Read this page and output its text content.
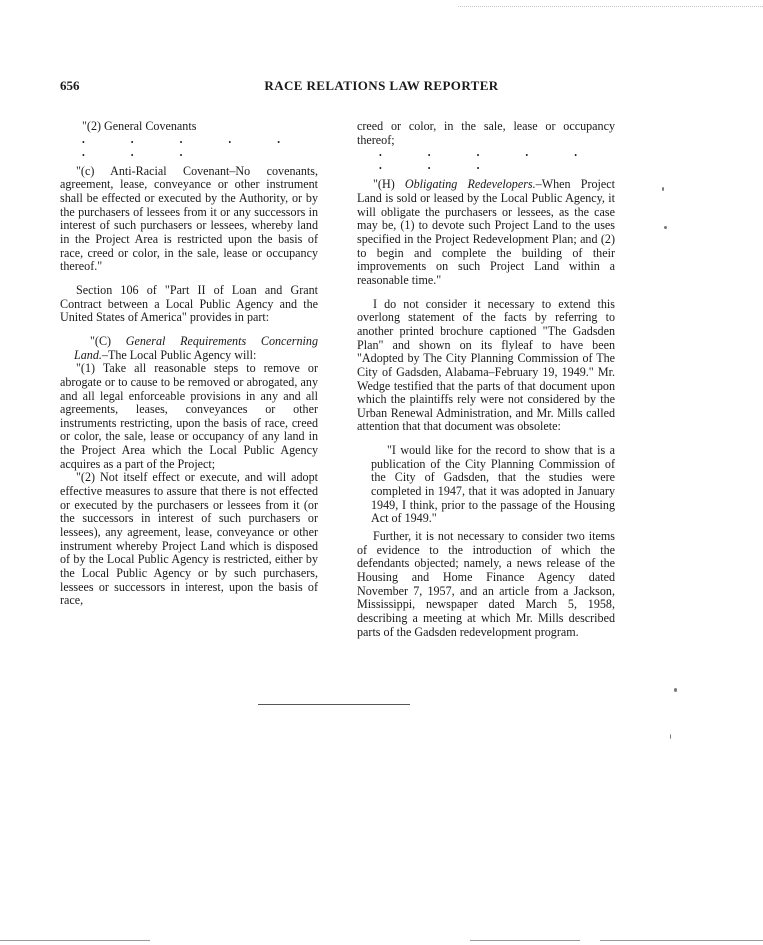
656	RACE RELATIONS LAW REPORTER

"(2) General Covenants

• • • • • • • •

"(c) Anti-Racial Covenant–No covenants, agreement, lease, conveyance or other instrument shall be effected or executed by the Authority, or by the purchasers of lessees from it or any successors in interest of such purchasers or lessees, whereby land in the Project Area is restricted upon the basis of race, creed or color, in the sale, lease or occupancy thereof."

Section 106 of "Part II of Loan and Grant Contract between a Local Public Agency and the United States of America" provides in part:

"(C) General Requirements Concerning Land.–The Local Public Agency will:

"(1) Take all reasonable steps to remove or abrogate or to cause to be removed or abrogated, any and all legal enforceable provisions in any and all agreements, leases, conveyances or other instruments restricting, upon the basis of race, creed or color, the sale, lease or occupancy of any land in the Project Area which the Local Public Agency acquires as a part of the Project;

"(2) Not itself effect or execute, and will adopt effective measures to assure that there is not effected or executed by the purchasers or lessees from it (or the successors in interest of such purchasers or lessees), any agreement, lease, conveyance or other instrument whereby Project Land which is disposed of by the Local Public Agency is restricted, either by the Local Public Agency or by such purchasers, lessees or successors in interest, upon the basis of race,

creed or color, in the sale, lease or occupancy thereof;

• • • • • • • •

"(H) Obligating Redevelopers.–When Project Land is sold or leased by the Local Public Agency, it will obligate the purchasers or lessees, as the case may be, (1) to devote such Project Land to the uses specified in the Project Redevelopment Plan; and (2) to begin and complete the building of their improvements on such Project Land within a reasonable time."

I do not consider it necessary to extend this overlong statement of the facts by referring to another printed brochure captioned "The Gadsden Plan" and shown on its flyleaf to have been "Adopted by The City Planning Commission of The City of Gadsden, Alabama–February 19, 1949." Mr. Wedge testified that the parts of that document upon which the plaintiffs rely were not considered by the Urban Renewal Administration, and Mr. Mills called attention that that document was obsolete:

"I would like for the record to show that is a publication of the City Planning Commission of the City of Gadsden, that the studies were completed in 1947, that it was adopted in January 1949, I think, prior to the passage of the Housing Act of 1949."

Further, it is not necessary to consider two items of evidence to the introduction of which the defendants objected; namely, a news release of the Housing and Home Finance Agency dated November 7, 1957, and an article from a Jackson, Mississippi, newspaper dated March 5, 1958, describing a meeting at which Mr. Mills described parts of the Gadsden redevelopment program.
